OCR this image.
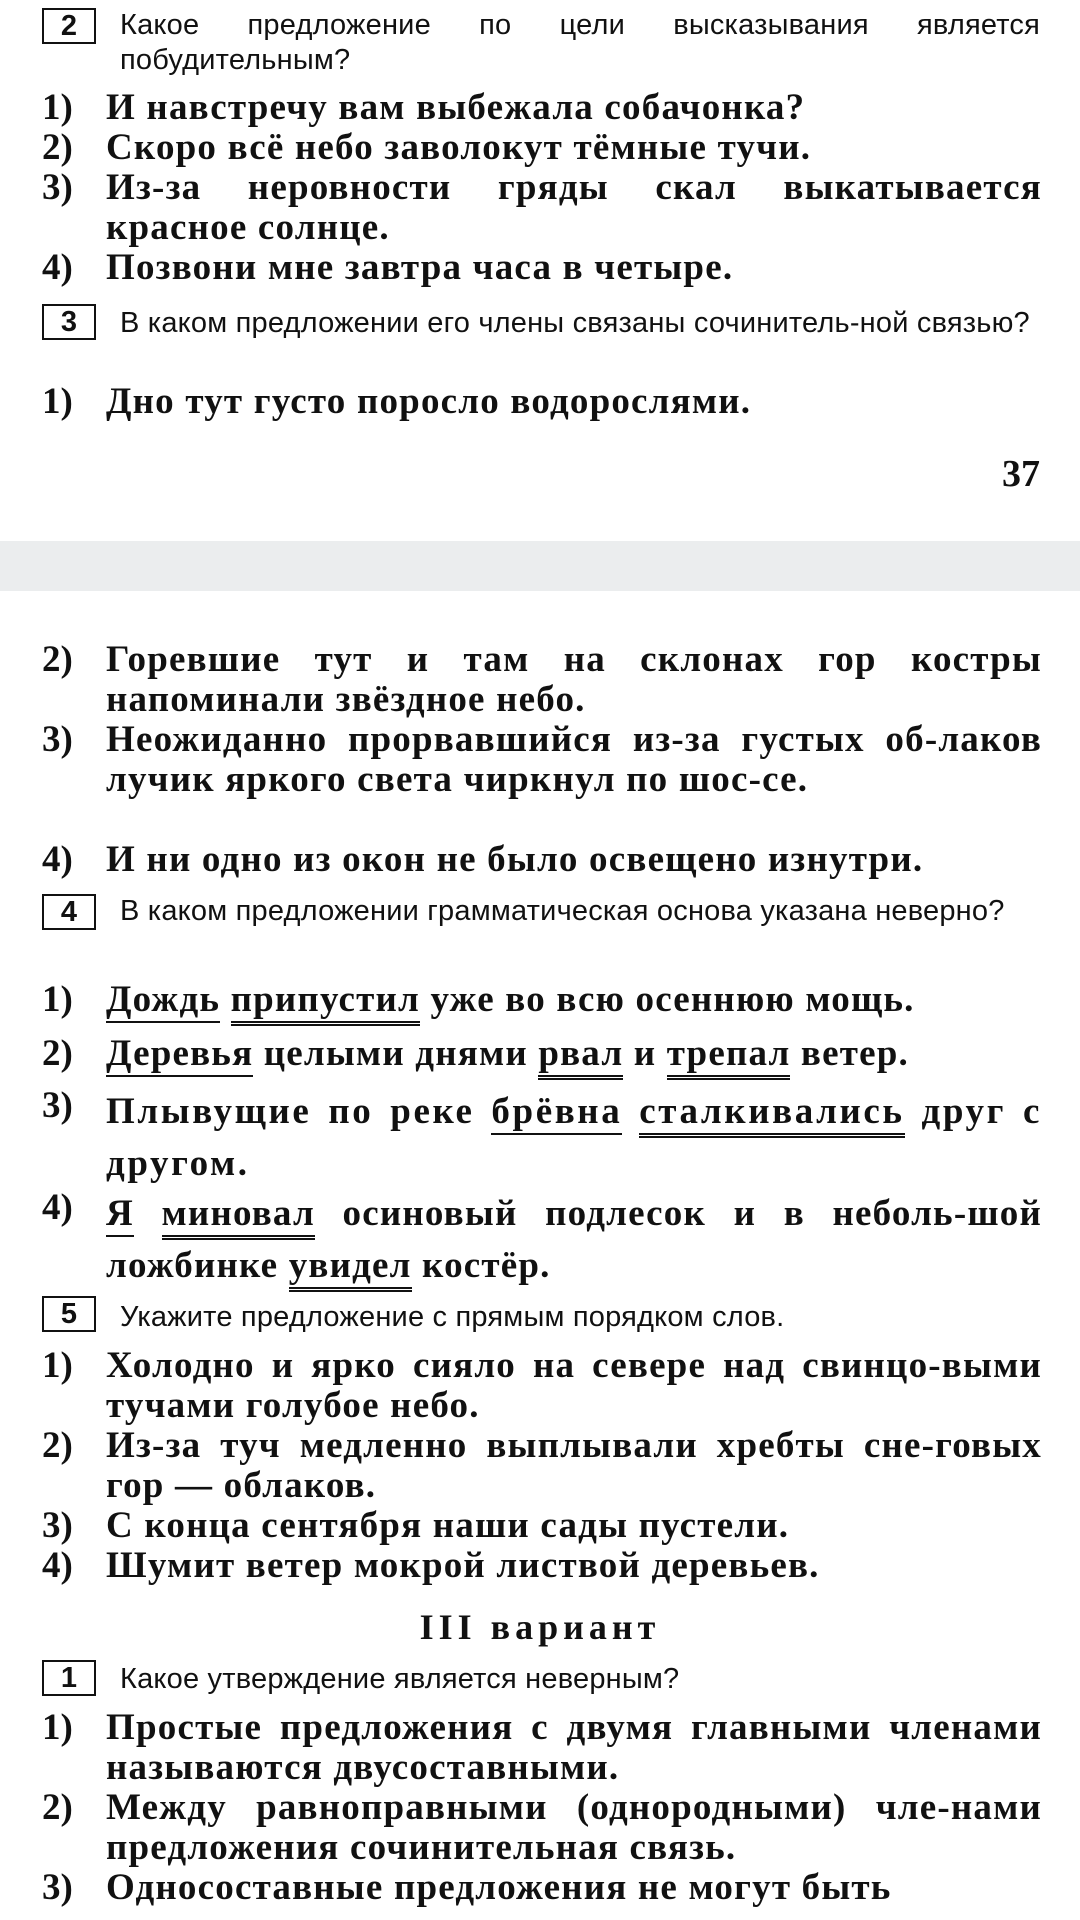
2	Какое предложение по цели высказывания является побудительным?
1) И навстречу вам выбежала собачонка?
2) Скоро всё небо заволокут тёмные тучи.
3) Из-за неровности гряды скал выкатывается красное солнце.
4) Позвони мне завтра часа в четыре.
3	В каком предложении его члены связаны сочинитель-ной связью?
1) Дно тут густо поросло водорослями.
37
2) Горевшие тут и там на склонах гор костры напоминали звёздное небо.
3) Неожиданно прорвавшийся из-за густых об-лаков лучик яркого света чиркнул по шос-се.
4) И ни одно из окон не было освещено изнутри.
4	В каком предложении грамматическая основа указана неверно?
1) Дождь припустил уже во всю осеннюю мощь.
2) Деревья целыми днями рвал и трепал ветер.
3) Плывущие по реке брёвна сталкивались друг с другом.
4) Я миновал осиновый подлесок и в неболь-шой ложбинке увидел костёр.
5	Укажите предложение с прямым порядком слов.
1) Холодно и ярко сияло на севере над свинцо-выми тучами голубое небо.
2) Из-за туч медленно выплывали хребты сне-говых гор — облаков.
3) С конца сентября наши сады пустели.
4) Шумит ветер мокрой листвой деревьев.
III вариант
1	Какое утверждение является неверным?
1) Простые предложения с двумя главными членами называются двусоставными.
2) Между равноправными (однородными) чле-нами предложения сочинительная связь.
3) Односоставные предложения не могут быть
